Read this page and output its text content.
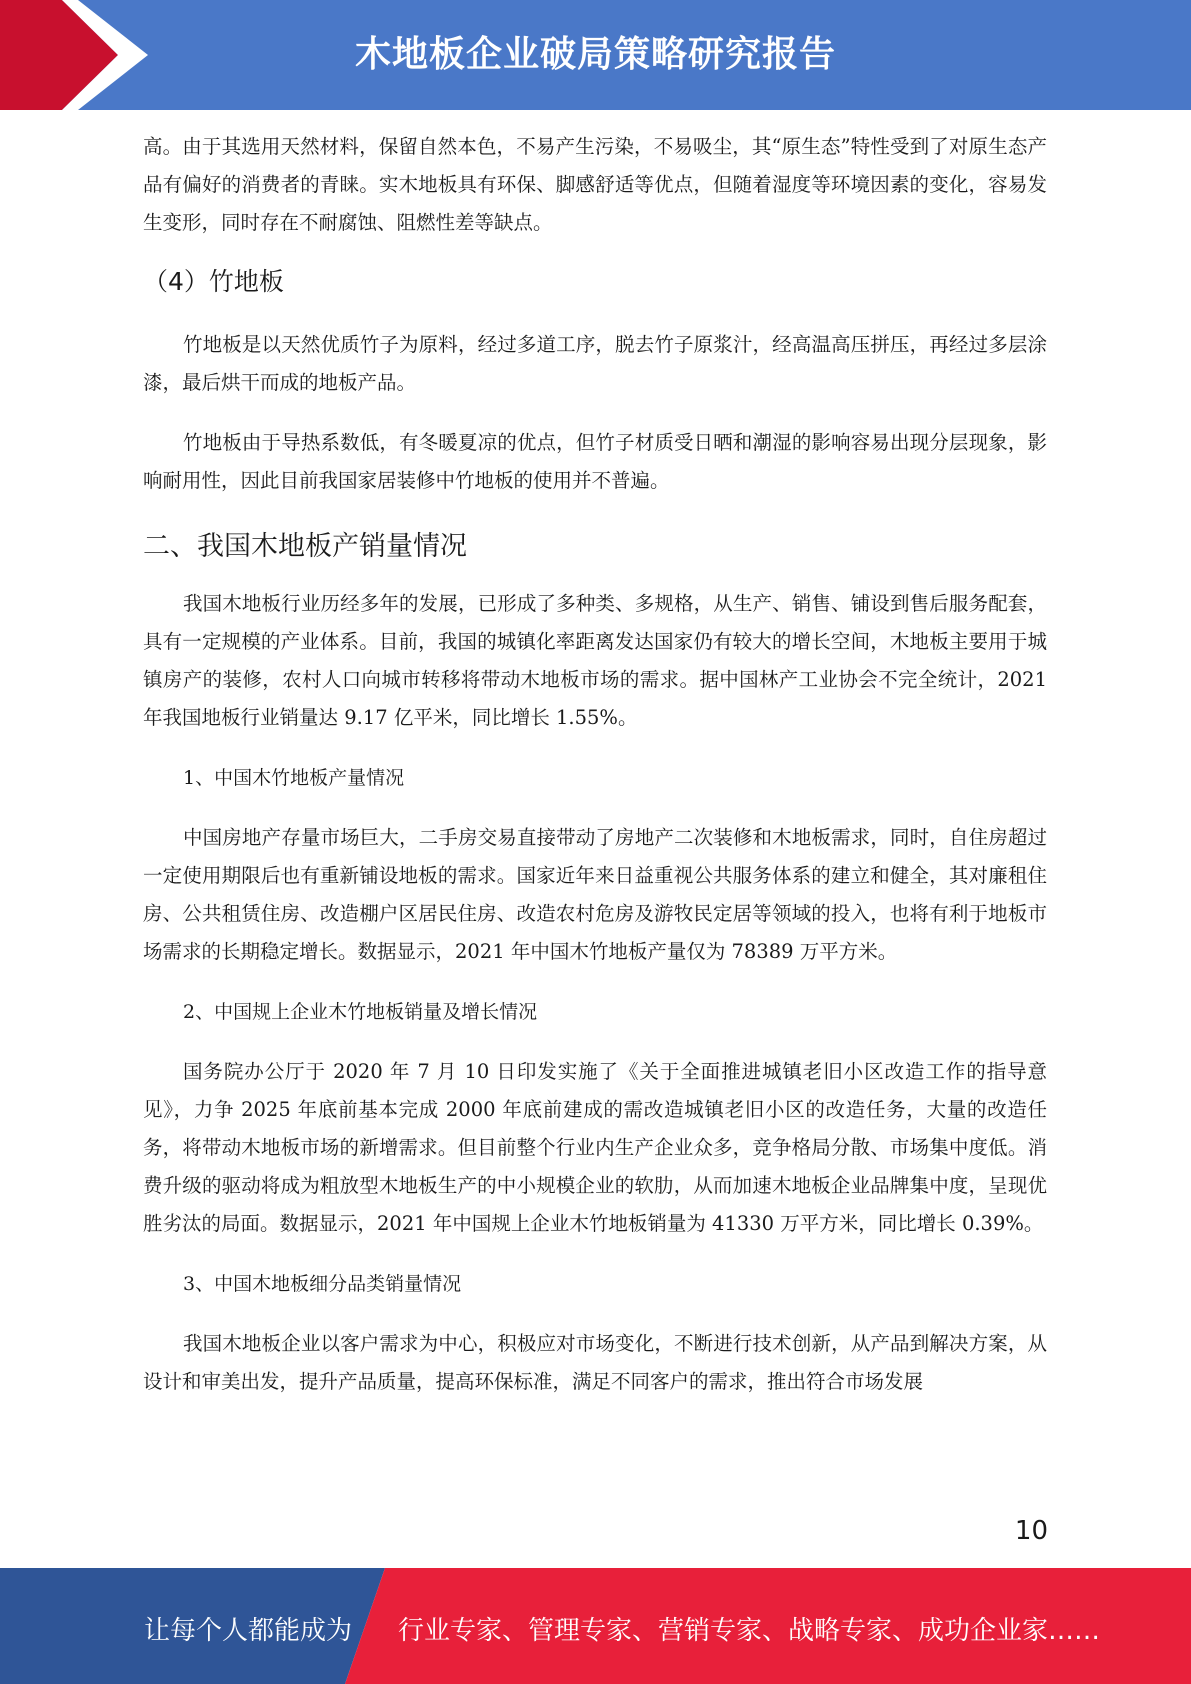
木地板企业破局策略研究报告

高。由于其选用天然材料，保留自然本色，不易产生污染，不易吸尘，其“原生态”特性受到了对原生态产品有偏好的消费者的青睐。实木地板具有环保、脚感舒适等优点，但随着湿度等环境因素的变化，容易发生变形，同时存在不耐腐蚀、阻燃性差等缺点。

（4）竹地板

竹地板是以天然优质竹子为原料，经过多道工序，脱去竹子原浆汁，经高温高压拼压，再经过多层涂漆，最后烘干而成的地板产品。

竹地板由于导热系数低，有冬暖夏凉的优点，但竹子材质受日晒和潮湿的影响容易出现分层现象，影响耐用性，因此目前我国家居装修中竹地板的使用并不普遍。

二、我国木地板产销量情况

我国木地板行业历经多年的发展，已形成了多种类、多规格，从生产、销售、铺设到售后服务配套，具有一定规模的产业体系。目前，我国的城镇化率距离发达国家仍有较大的增长空间，木地板主要用于城镇房产的装修，农村人口向城市转移将带动木地板市场的需求。据中国林产工业协会不完全统计，2021 年我国地板行业销量达 9.17 亿平米，同比增长 1.55%。

1、中国木竹地板产量情况

中国房地产存量市场巨大，二手房交易直接带动了房地产二次装修和木地板需求，同时，自住房超过一定使用期限后也有重新铺设地板的需求。国家近年来日益重视公共服务体系的建立和健全，其对廉租住房、公共租赁住房、改造棚户区居民住房、改造农村危房及游牧民定居等领域的投入，也将有利于地板市场需求的长期稳定增长。数据显示，2021 年中国木竹地板产量仅为 78389 万平方米。

2、中国规上企业木竹地板销量及增长情况

国务院办公厅于 2020 年 7 月 10 日印发实施了《关于全面推进城镇老旧小区改造工作的指导意见》，力争 2025 年底前基本完成 2000 年底前建成的需改造城镇老旧小区的改造任务，大量的改造任务，将带动木地板市场的新增需求。但目前整个行业内生产企业众多，竞争格局分散、市场集中度低。消费升级的驱动将成为粗放型木地板生产的中小规模企业的软肋，从而加速木地板企业品牌集中度，呈现优胜劣汰的局面。数据显示，2021 年中国规上企业木竹地板销量为 41330 万平方米，同比增长 0.39%。

3、中国木地板细分品类销量情况

我国木地板企业以客户需求为中心，积极应对市场变化，不断进行技术创新，从产品到解决方案，从设计和审美出发，提升产品质量，提高环保标准，满足不同客户的需求，推出符合市场发展

10
让每个人都能成为 行业专家、管理专家、营销专家、战略专家、成功企业家……
